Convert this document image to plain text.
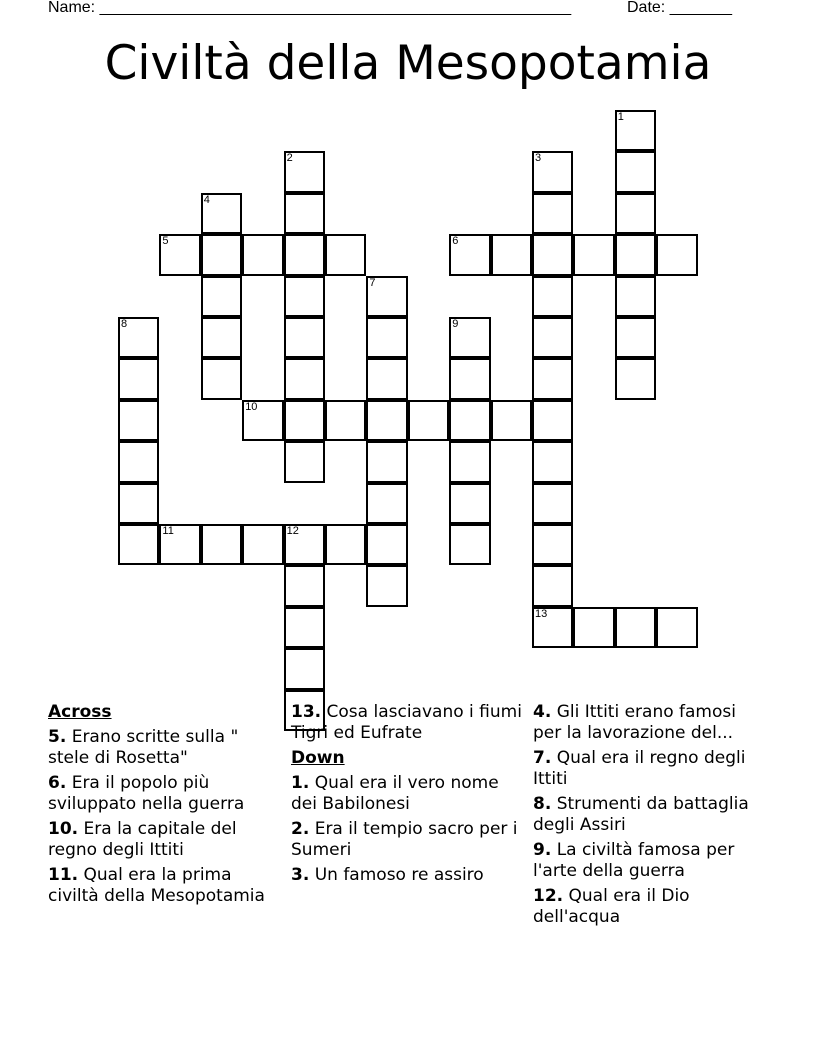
Name: _____________________________________________________	Date: _______
Civiltà della Mesopotamia
1
2	3
4
5	6
7
8	9
10
11	12
13
Across
5. Erano scritte sulla " stele di Rosetta"
6. Era il popolo più sviluppato nella guerra
10. Era la capitale del regno degli Ittiti
11. Qual era la prima civiltà della Mesopotamia
13. Cosa lasciavano i fiumi Tigri ed Eufrate
Down
1. Qual era il vero nome dei Babilonesi
2. Era il tempio sacro per i Sumeri
3. Un famoso re assiro
4. Gli Ittiti erano famosi per la lavorazione del...
7. Qual era il regno degli Ittiti
8. Strumenti da battaglia degli Assiri
9. La civiltà famosa per l'arte della guerra
12. Qual era il Dio dell'acqua
